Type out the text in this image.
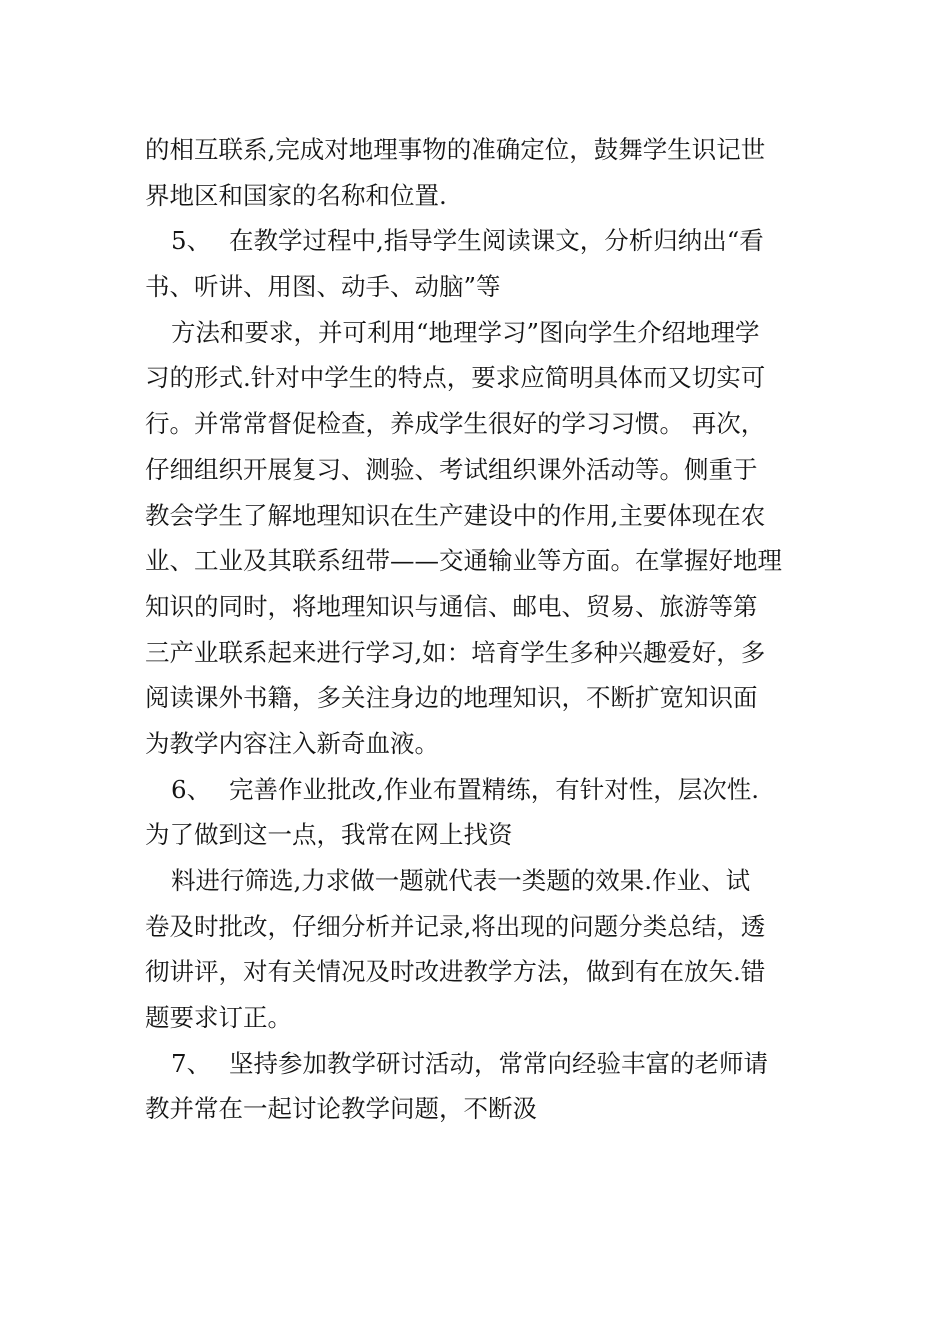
的相互联系,完成对地理事物的准确定位，鼓舞学生识记世
界地区和国家的名称和位置.
5、 在教学过程中,指导学生阅读课文，分析归纳出“看
书、听讲、用图、动手、动脑”等
方法和要求，并可利用“地理学习”图向学生介绍地理学
习的形式.针对中学生的特点，要求应简明具体而又切实可
行。并常常督促检查，养成学生很好的学习习惯。 再次，
仔细组织开展复习、测验、考试组织课外活动等。侧重于
教会学生了解地理知识在生产建设中的作用,主要体现在农
业、工业及其联系纽带——交通输业等方面。在掌握好地理
知识的同时，将地理知识与通信、邮电、贸易、旅游等第
三产业联系起来进行学习,如：培育学生多种兴趣爱好，多
阅读课外书籍，多关注身边的地理知识，不断扩宽知识面
为教学内容注入新奇血液。
6、 完善作业批改,作业布置精练，有针对性，层次性.
为了做到这一点，我常在网上找资
料进行筛选,力求做一题就代表一类题的效果.作业、试
卷及时批改，仔细分析并记录,将出现的问题分类总结，透
彻讲评，对有关情况及时改进教学方法，做到有在放矢.错
题要求订正。
7、 坚持参加教学研讨活动，常常向经验丰富的老师请
教并常在一起讨论教学问题，不断汲
